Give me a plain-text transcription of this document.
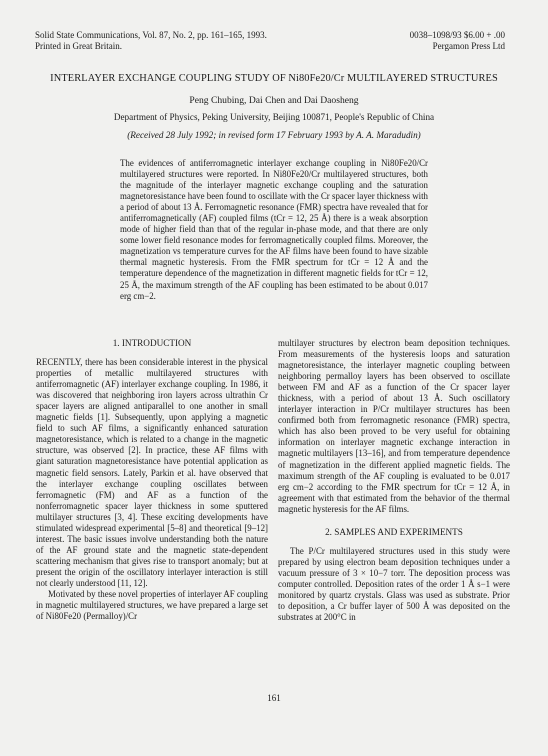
Solid State Communications, Vol. 87, No. 2, pp. 161–165, 1993.
Printed in Great Britain.
0038–1098/93 $6.00 + .00
Pergamon Press Ltd
INTERLAYER EXCHANGE COUPLING STUDY OF Ni80Fe20/Cr MULTILAYERED STRUCTURES
Peng Chubing, Dai Chen and Dai Daosheng
Department of Physics, Peking University, Beijing 100871, People's Republic of China
(Received 28 July 1992; in revised form 17 February 1993 by A. A. Maradudin)
The evidences of antiferromagnetic interlayer exchange coupling in Ni80Fe20/Cr multilayered structures were reported. In Ni80Fe20/Cr multilayered structures, both the magnitude of the interlayer magnetic exchange coupling and the saturation magnetoresistance have been found to oscillate with the Cr spacer layer thickness with a period of about 13 Å. Ferromagnetic resonance (FMR) spectra have revealed that for antiferromagnetically (AF) coupled films (tCr = 12, 25 Å) there is a weak absorption mode of higher field than that of the regular in-phase mode, and that there are only some lower field resonance modes for ferromagnetically coupled films. Moreover, the magnetization vs temperature curves for the AF films have been found to have sizable thermal magnetic hysteresis. From the FMR spectrum for tCr = 12 Å and the temperature dependence of the magnetization in different magnetic fields for tCr = 12, 25 Å, the maximum strength of the AF coupling has been estimated to be about 0.017 erg cm−2.
1. INTRODUCTION

RECENTLY, there has been considerable interest in the physical properties of metallic multilayered structures with antiferromagnetic (AF) interlayer exchange coupling. In 1986, it was discovered that neighboring iron layers across ultrathin Cr spacer layers are aligned antiparallel to one another in small magnetic fields [1]. Subsequently, upon applying a magnetic field to such AF films, a significantly enhanced saturation magnetoresistance, which is related to a change in the magnetic structure, was observed [2]. In practice, these AF films with giant saturation magnetoresistance have potential application as magnetic field sensors. Lately, Parkin et al. have observed that the interlayer exchange coupling oscillates between ferromagnetic (FM) and AF as a function of the nonferromagnetic spacer layer thickness in some sputtered multilayer structures [3, 4]. These exciting developments have stimulated widespread experimental [5–8] and theoretical [9–12] interest. The basic issues involve understanding both the nature of the AF ground state and the magnetic state-dependent scattering mechanism that gives rise to transport anomaly; but at present the origin of the oscillatory interlayer interaction is still not clearly understood [11, 12].

Motivated by these novel properties of interlayer AF coupling in magnetic multilayered structures, we have prepared a large set of Ni80Fe20 (Permalloy)/Cr

multilayer structures by electron beam deposition techniques. From measurements of the hysteresis loops and saturation magnetoresistance, the interlayer magnetic coupling between neighboring permalloy layers has been observed to oscillate between FM and AF as a function of the Cr spacer layer thickness, with a period of about 13 Å. Such oscillatory interlayer interaction in P/Cr multilayer structures has been confirmed both from ferromagnetic resonance (FMR) spectra, which has also been proved to be very useful for obtaining information on interlayer magnetic exchange interaction in magnetic multilayers [13–16], and from temperature dependence of magnetization in the different applied magnetic fields. The maximum strength of the AF coupling is evaluated to be 0.017 erg cm−2 according to the FMR spectrum for tCr = 12 Å, in agreement with that estimated from the behavior of the thermal magnetic hysteresis for the AF films.

2. SAMPLES AND EXPERIMENTS

The P/Cr multilayered structures used in this study were prepared by using electron beam deposition techniques under a vacuum pressure of 3 × 10−7 torr. The deposition process was computer controlled. Deposition rates of the order 1 Å s−1 were monitored by quartz crystals. Glass was used as substrate. Prior to deposition, a Cr buffer layer of 500 Å was deposited on the substrates at 200°C in

161
